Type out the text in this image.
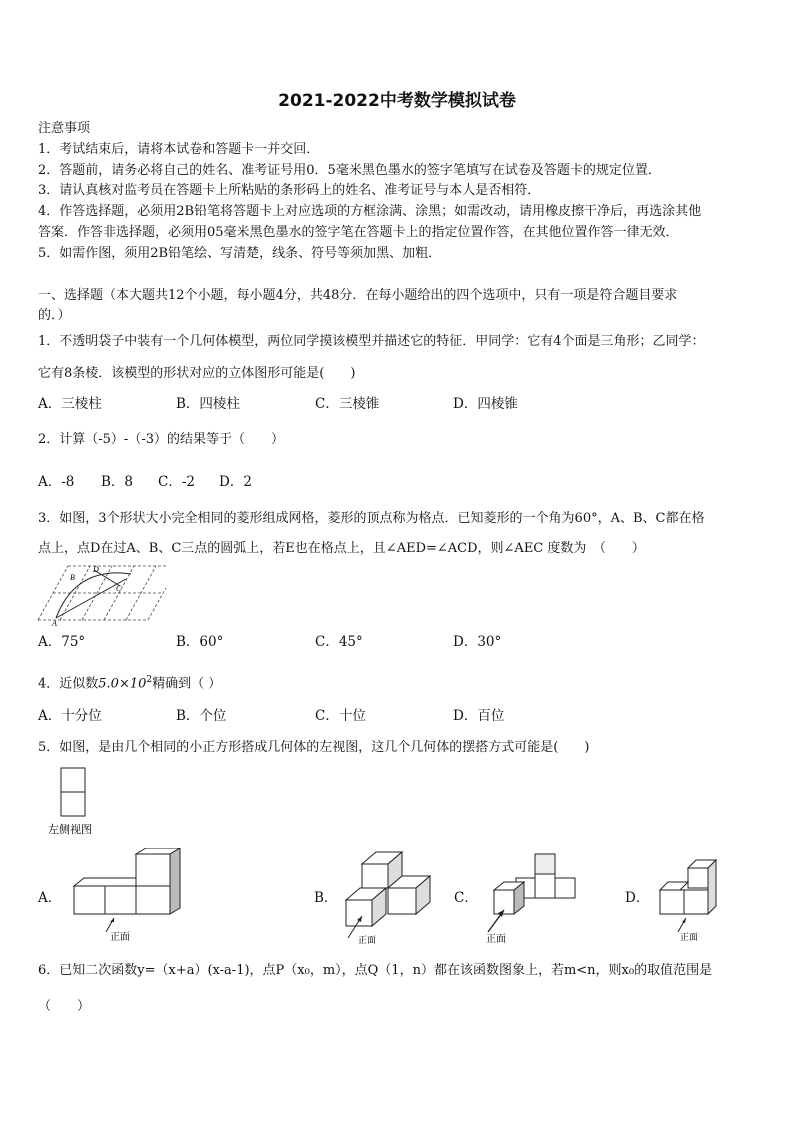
2021-2022中考数学模拟试卷
注意事项
1．考试结束后，请将本试卷和答题卡一并交回．
2．答题前，请务必将自己的姓名、准考证号用0．5毫米黑色墨水的签字笔填写在试卷及答题卡的规定位置．
3．请认真核对监考员在答题卡上所粘贴的条形码上的姓名、准考证号与本人是否相符．
4．作答选择题，必须用2B铅笔将答题卡上对应选项的方框涂满、涂黑；如需改动，请用橡皮擦干净后，再选涂其他
答案．作答非选择题，必须用05毫米黑色墨水的签字笔在答题卡上的指定位置作答，在其他位置作答一律无效．
5．如需作图，须用2B铅笔绘、写清楚，线条、符号等须加黑、加粗．
一、选择题（本大题共12个小题，每小题4分，共48分．在每小题给出的四个选项中，只有一项是符合题目要求
的．）
1．不透明袋子中装有一个几何体模型，两位同学摸该模型并描述它的特征．甲同学：它有4个面是三角形；乙同学：
它有8条棱．该模型的形状对应的立体图形可能是(　　)
A．三棱柱	B．四棱柱	C．三棱锥	D．四棱锥
2．计算（-5）-（-3）的结果等于（　　）
A．-8 B．8 C．-2 D．2
3．如图，3个形状大小完全相同的菱形组成网格，菱形的顶点称为格点．已知菱形的一个角为60°，A、B、C都在格
点上，点D在过A、B、C三点的圆弧上，若E也在格点上，且∠AED=∠ACD，则∠AEC 度数为　（　　）
A
B
D
C
A．75°	B．60°	C．45°	D．30°
4．近似数$5.0\times 10^2$精确到（ ）
A．十分位	B．个位	C．十位	D．百位
5．如图，是由几个相同的小正方形搭成几何体的左视图，这几个几何体的摆搭方式可能是(　　)
左侧视图
A．
正面
B．
正面
C．
正面
D．
正面
6．已知二次函数y=（x+a）(x-a-1)，点P（x₀，m），点Q（1，n）都在该函数图象上，若m<n，则x₀的取值范围是
（　　）
